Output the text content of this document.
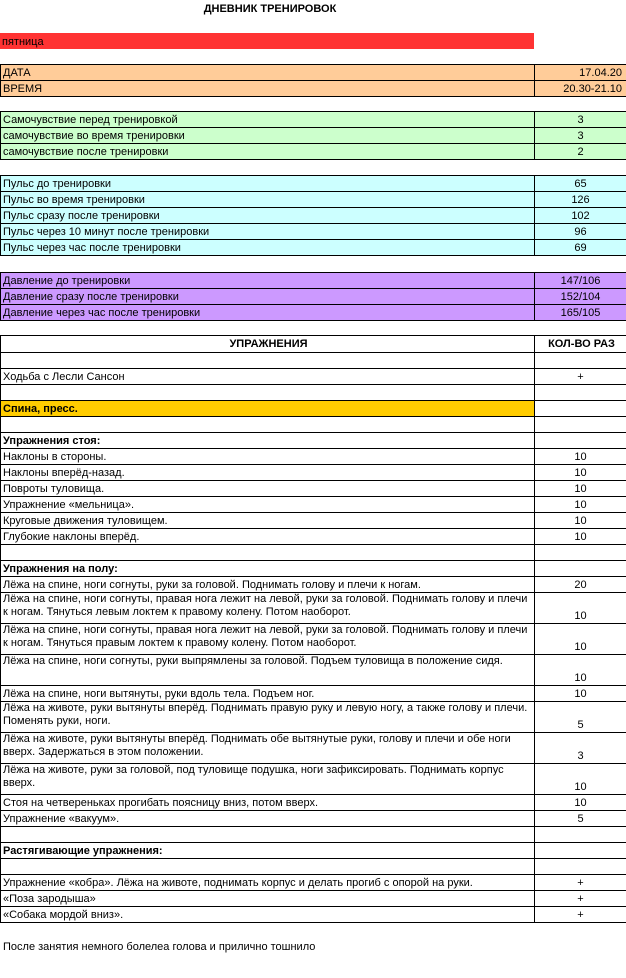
ДНЕВНИК ТРЕНИРОВОК
пятница
ДАТА	17.04.20
ВРЕМЯ	20.30-21.10
Самочувствие перед тренировкой	3
самочувствие во время тренировки	3
самочувствие после тренировки	2
Пульс до тренировки	65
Пульс во время тренировки	126
Пульс сразу после тренировки	102
Пульс через 10 минут после тренировки	96
Пульс через час после тренировки	69
Давление до тренировки	147/106
Давление сразу после тренировки	152/104
Давление через час после тренировки	165/105
УПРАЖНЕНИЯ	КОЛ-ВО РАЗ

Ходьба с Лесли Сансон	+

Спина, пресс.	

Упражнения стоя:	
Наклоны в стороны.	10
Наклоны вперёд-назад.	10
Повроты туловища.	10
Упражнение «мельница».	10
Круговые движения туловищем.	10
Глубокие наклоны вперёд.	10

Упражнения на полу:	
Лёжа на спине, ноги согнуты, руки за головой. Поднимать голову и плечи к ногам.	20
Лёжа на спине, ноги согнуты, правая нога лежит на левой, руки за головой. Поднимать голову и плечи к ногам. Тянуться левым локтем к правому колену. Потом наоборот.	10
Лёжа на спине, ноги согнуты, правая нога лежит на левой, руки за головой. Поднимать голову и плечи к ногам. Тянуться правым локтем к правому колену. Потом наоборот.	10
Лёжа на спине, ноги согнуты, руки выпрямлены за головой. Подъем туловища в положение сидя.	10
Лёжа на спине, ноги вытянуты, руки вдоль тела. Подъем ног.	10
Лёжа на животе, руки вытянуты вперёд. Поднимать правую руку и левую ногу, а также голову и плечи. Поменять руки, ноги.	5
Лёжа на животе, руки вытянуты вперёд. Поднимать обе вытянутые руки, голову и плечи и обе ноги вверх. Задержаться в этом положении.	3
Лёжа на животе, руки за головой, под туловище подушка, ноги зафиксировать. Поднимать корпус вверх.	10
Стоя на четвереньках прогибать поясницу вниз, потом вверх.	10
Упражнение «вакуум».	5

Растягивающие упражнения:	

Упражнение «кобра». Лёжа на животе, поднимать корпус и делать прогиб с опорой на руки.	+
«Поза зародыша»	+
«Собака мордой вниз».	+
После занятия немного болелеа голова и прилично тошнило
